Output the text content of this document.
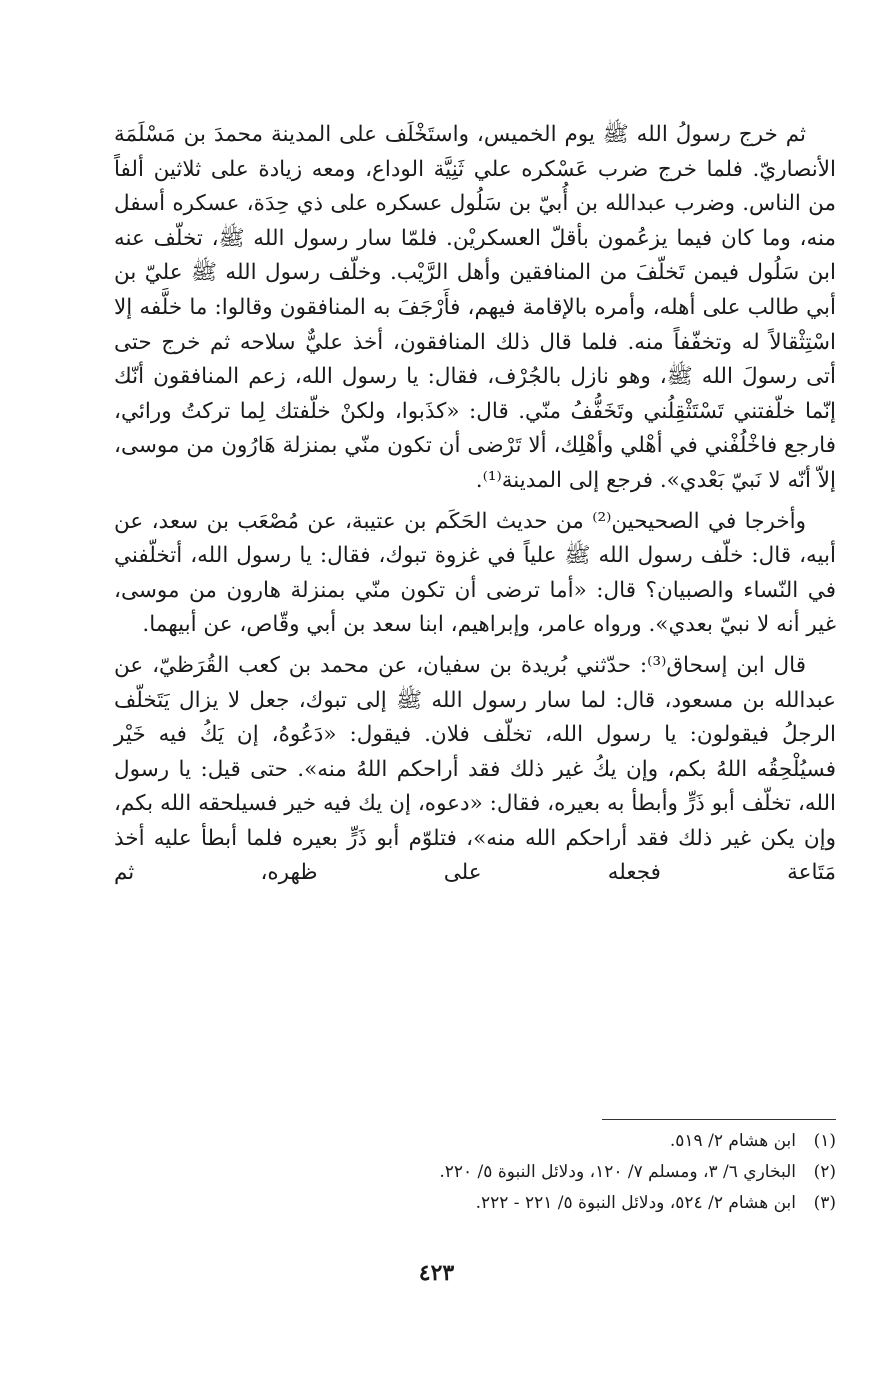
ثم خرج رسولُ الله ﷺ يوم الخميس، واستَخْلَف على المدينة محمدَ بن مَسْلَمَة الأنصاريّ. فلما خرج ضرب عَسْكره علي ثَنِيَّة الوداع، ومعه زيادة على ثلاثين ألفاً من الناس. وضرب عبدالله بن أُبيّ بن سَلُول عسكره على ذي حِدَة، عسكره أسفل منه، وما كان فيما يزعُمون بأقلّ العسكريْن. فلمّا سار رسول الله ﷺ، تخلّف عنه ابن سَلُول فيمن تَخلّفَ من المنافقين وأهل الرَّيْب. وخلّف رسول الله ﷺ عليّ بن أبي طالب على أهله، وأمره بالإقامة فيهم، فأَرْجَفَ به المنافقون وقالوا: ما خلَّفه إلا اسْتِثْقالاً له وتخفّفاً منه. فلما قال ذلك المنافقون، أخذ عليٌّ سلاحه ثم خرج حتى أتى رسولَ الله ﷺ، وهو نازل بالجُرْف، فقال: يا رسول الله، زعم المنافقون أنّك إنّما خلّفتني تَسْتَثْقِلُني وتَخَفُّفُ منّي. قال: «كذَبوا، ولكنْ خلّفتك لِما تركتُ ورائي، فارجع فاخْلُفْني في أهْلي وأهْلِك، ألا تَرْضى أن تكون منّي بمنزلة هَارُون من موسى، إلاّ أنّه لا نَبيّ بَعْدي». فرجع إلى المدينة⁽¹⁾.

وأخرجا في الصحيحين⁽²⁾ من حديث الحَكَم بن عتيبة، عن مُصْعَب بن سعد، عن أبيه، قال: خلّف رسول الله ﷺ علياً في غزوة تبوك، فقال: يا رسول الله، أتخلّفني في النّساء والصبيان؟ قال: «أما ترضى أن تكون منّي بمنزلة هارون من موسى، غير أنه لا نبيّ بعدي». ورواه عامر، وإبراهيم، ابنا سعد بن أبي وقّاص، عن أبيهما.

قال ابن إسحاق⁽³⁾: حدّثني بُريدة بن سفيان، عن محمد بن كعب القُرَظيّ، عن عبدالله بن مسعود، قال: لما سار رسول الله ﷺ إلى تبوك، جعل لا يزال يَتَخلّف الرجلُ فيقولون: يا رسول الله، تخلّف فلان. فيقول: «دَعُوهُ، إن يَكُ فيه خَيْر فسيُلْحِقُه اللهُ بكم، وإن يكُ غير ذلك فقد أراحكم اللهُ منه». حتى قيل: يا رسول الله، تخلّف أبو ذَرٍّ وأبطأ به بعيره، فقال: «دعوه، إن يك فيه خير فسيلحقه الله بكم، وإن يكن غير ذلك فقد أراحكم الله منه»، فتلوّم أبو ذَرٍّ بعيره فلما أبطأ عليه أخذ مَتَاعة فجعله على ظهره، ثم

(١)ابن هشام ٢/ ٥١٩.
(٢)البخاري ٦/ ٣، ومسلم ٧/ ١٢٠، ودلائل النبوة ٥/ ٢٢٠.
(٣)ابن هشام ٢/ ٥٢٤، ودلائل النبوة ٥/ ٢٢١ - ٢٢٢.
٤٢٣
